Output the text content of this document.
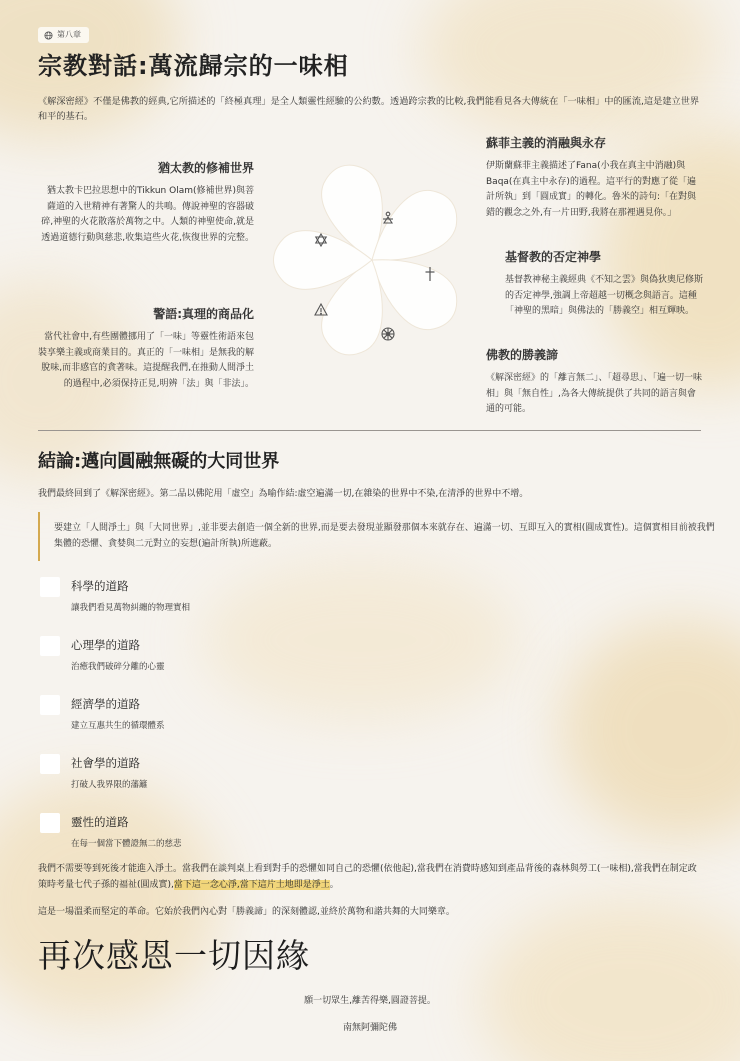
第八章
宗教對話:萬流歸宗的一味相

《解深密經》不僅是佛教的經典,它所描述的「終極真理」是全人類靈性經驗的公約數。透過跨宗教的比較,我們能看見各大傳統在「一味相」中的匯流,這是建立世界和平的基石。

蘇菲主義的消融與永存

伊斯蘭蘇菲主義描述了Fana(小我在真主中消融)與Baqa(在真主中永存)的過程。這平行的對應了從「遍計所執」到「圓成實」的轉化。魯米的詩句:「在對與錯的觀念之外,有一片田野,我將在那裡遇見你。」

猶太教的修補世界

猶太教卡巴拉思想中的Tikkun Olam(修補世界)與菩薩道的入世精神有著驚人的共鳴。傳說神聖的容器破碎,神聖的火花散落於萬物之中。人類的神聖使命,就是透過道德行動與慈悲,收集這些火花,恢復世界的完整。

基督教的否定神學

基督教神秘主義經典《不知之雲》與偽狄奧尼修斯的否定神學,強調上帝超越一切概念與語言。這種「神聖的黑暗」與佛法的「勝義空」相互輝映。

警語:真理的商品化

當代社會中,有些團體挪用了「一味」等靈性術語來包裝享樂主義或商業目的。真正的「一味相」是無我的解脫味,而非感官的貪著味。這提醒我們,在推動人間淨土的過程中,必須保持正見,明辨「法」與「非法」。

佛教的勝義諦

《解深密經》的「離言無二」、「超尋思」、「遍一切一味相」與「無自性」,為各大傳統提供了共同的語言與會通的可能。

結論:邁向圓融無礙的大同世界

我們最終回到了《解深密經》。第二品以佛陀用「虛空」為喻作結:虛空遍滿一切,在雜染的世界中不染,在清淨的世界中不增。

要建立「人間淨土」與「大同世界」,並非要去創造一個全新的世界,而是要去發現並顯發那個本來就存在、遍滿一切、互即互入的實相(圓成實性)。這個實相目前被我們集體的恐懼、貪婪與二元對立的妄想(遍計所執)所遮蔽。
科學的道路
讓我們看見萬物糾纏的物理實相
心理學的道路
治癒我們破碎分離的心靈
經濟學的道路
建立互惠共生的循環體系
社會學的道路
打破人我界限的藩籬
靈性的道路
在每一個當下體證無二的慈悲

我們不需要等到死後才能進入淨土。當我們在談判桌上看到對手的恐懼如同自己的恐懼(依他起),當我們在消費時感知到產品背後的森林與勞工(一味相),當我們在制定政策時考量七代子孫的福祉(圓成實),當下這一念心淨,當下這片土地即是淨土。

這是一場溫柔而堅定的革命。它始於我們內心對「勝義諦」的深刻體認,並終於萬物和諧共舞的大同樂章。

再次感恩一切因緣
願一切眾生,離苦得樂,圓證菩提。
南無阿彌陀佛
